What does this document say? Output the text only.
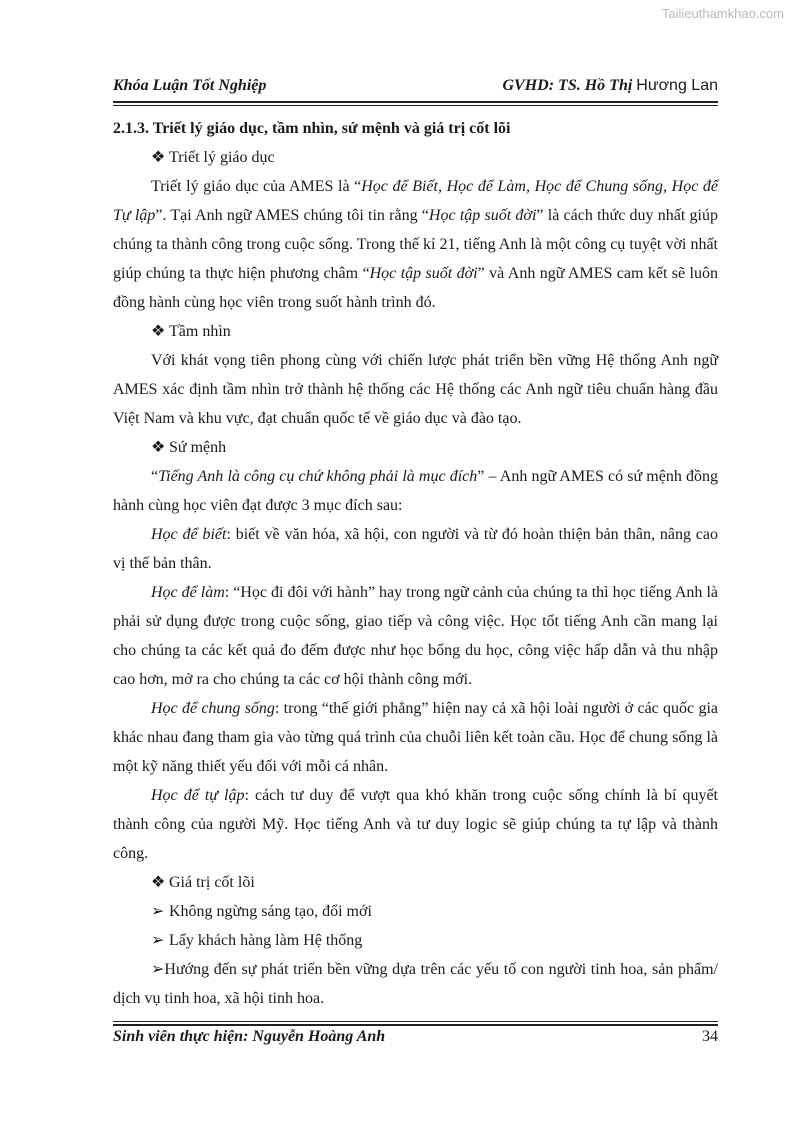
Tailieuthamkhao.com
Khóa Luận Tốt Nghiệp	GVHD: TS. Hồ Thị Hương Lan

2.1.3. Triết lý giáo dục, tầm nhìn, sứ mệnh và giá trị cốt lõi

❖ Triết lý giáo dục

Triết lý giáo dục của AMES là “Học để Biết, Học để Làm, Học để Chung sống, Học để Tự lập”. Tại Anh ngữ AMES chúng tôi tin rằng “Học tập suốt đời” là cách thức duy nhất giúp chúng ta thành công trong cuộc sống. Trong thế kỉ 21, tiếng Anh là một công cụ tuyệt vời nhất giúp chúng ta thực hiện phương châm “Học tập suốt đời” và Anh ngữ AMES cam kết sẽ luôn đồng hành cùng học viên trong suốt hành trình đó.

❖ Tầm nhìn

Với khát vọng tiên phong cùng với chiến lược phát triển bền vững Hệ thống Anh ngữ AMES xác định tầm nhìn trở thành hệ thống các Hệ thống các Anh ngữ tiêu chuẩn hàng đầu Việt Nam và khu vực, đạt chuẩn quốc tế về giáo dục và đào tạo.

❖ Sứ mệnh

“Tiếng Anh là công cụ chứ không phải là mục đích” – Anh ngữ AMES có sứ mệnh đồng hành cùng học viên đạt được 3 mục đích sau:

Học để biết: biết về văn hóa, xã hội, con người và từ đó hoàn thiện bản thân, nâng cao vị thế bản thân.

Học để làm: “Học đi đôi với hành” hay trong ngữ cảnh của chúng ta thì học tiếng Anh là phải sử dụng được trong cuộc sống, giao tiếp và công việc. Học tốt tiếng Anh cần mang lại cho chúng ta các kết quả đo đếm được như học bổng du học, công việc hấp dẫn và thu nhập cao hơn, mở ra cho chúng ta các cơ hội thành công mới.

Học để chung sống: trong “thế giới phẳng” hiện nay cả xã hội loài người ở các quốc gia khác nhau đang tham gia vào từng quá trình của chuỗi liên kết toàn cầu. Học để chung sống là một kỹ năng thiết yếu đối với mỗi cá nhân.

Học để tự lập: cách tư duy để vượt qua khó khăn trong cuộc sống chính là bí quyết thành công của người Mỹ. Học tiếng Anh và tư duy logic sẽ giúp chúng ta tự lập và thành công.

❖ Giá trị cốt lõi

➢ Không ngừng sáng tạo, đổi mới

➢ Lấy khách hàng làm Hệ thống

➢Hướng đến sự phát triển bền vững dựa trên các yếu tố con người tinh hoa, sản phẩm/ dịch vụ tinh hoa, xã hội tinh hoa.

Sinh viên thực hiện: Nguyễn Hoàng Anh	34
